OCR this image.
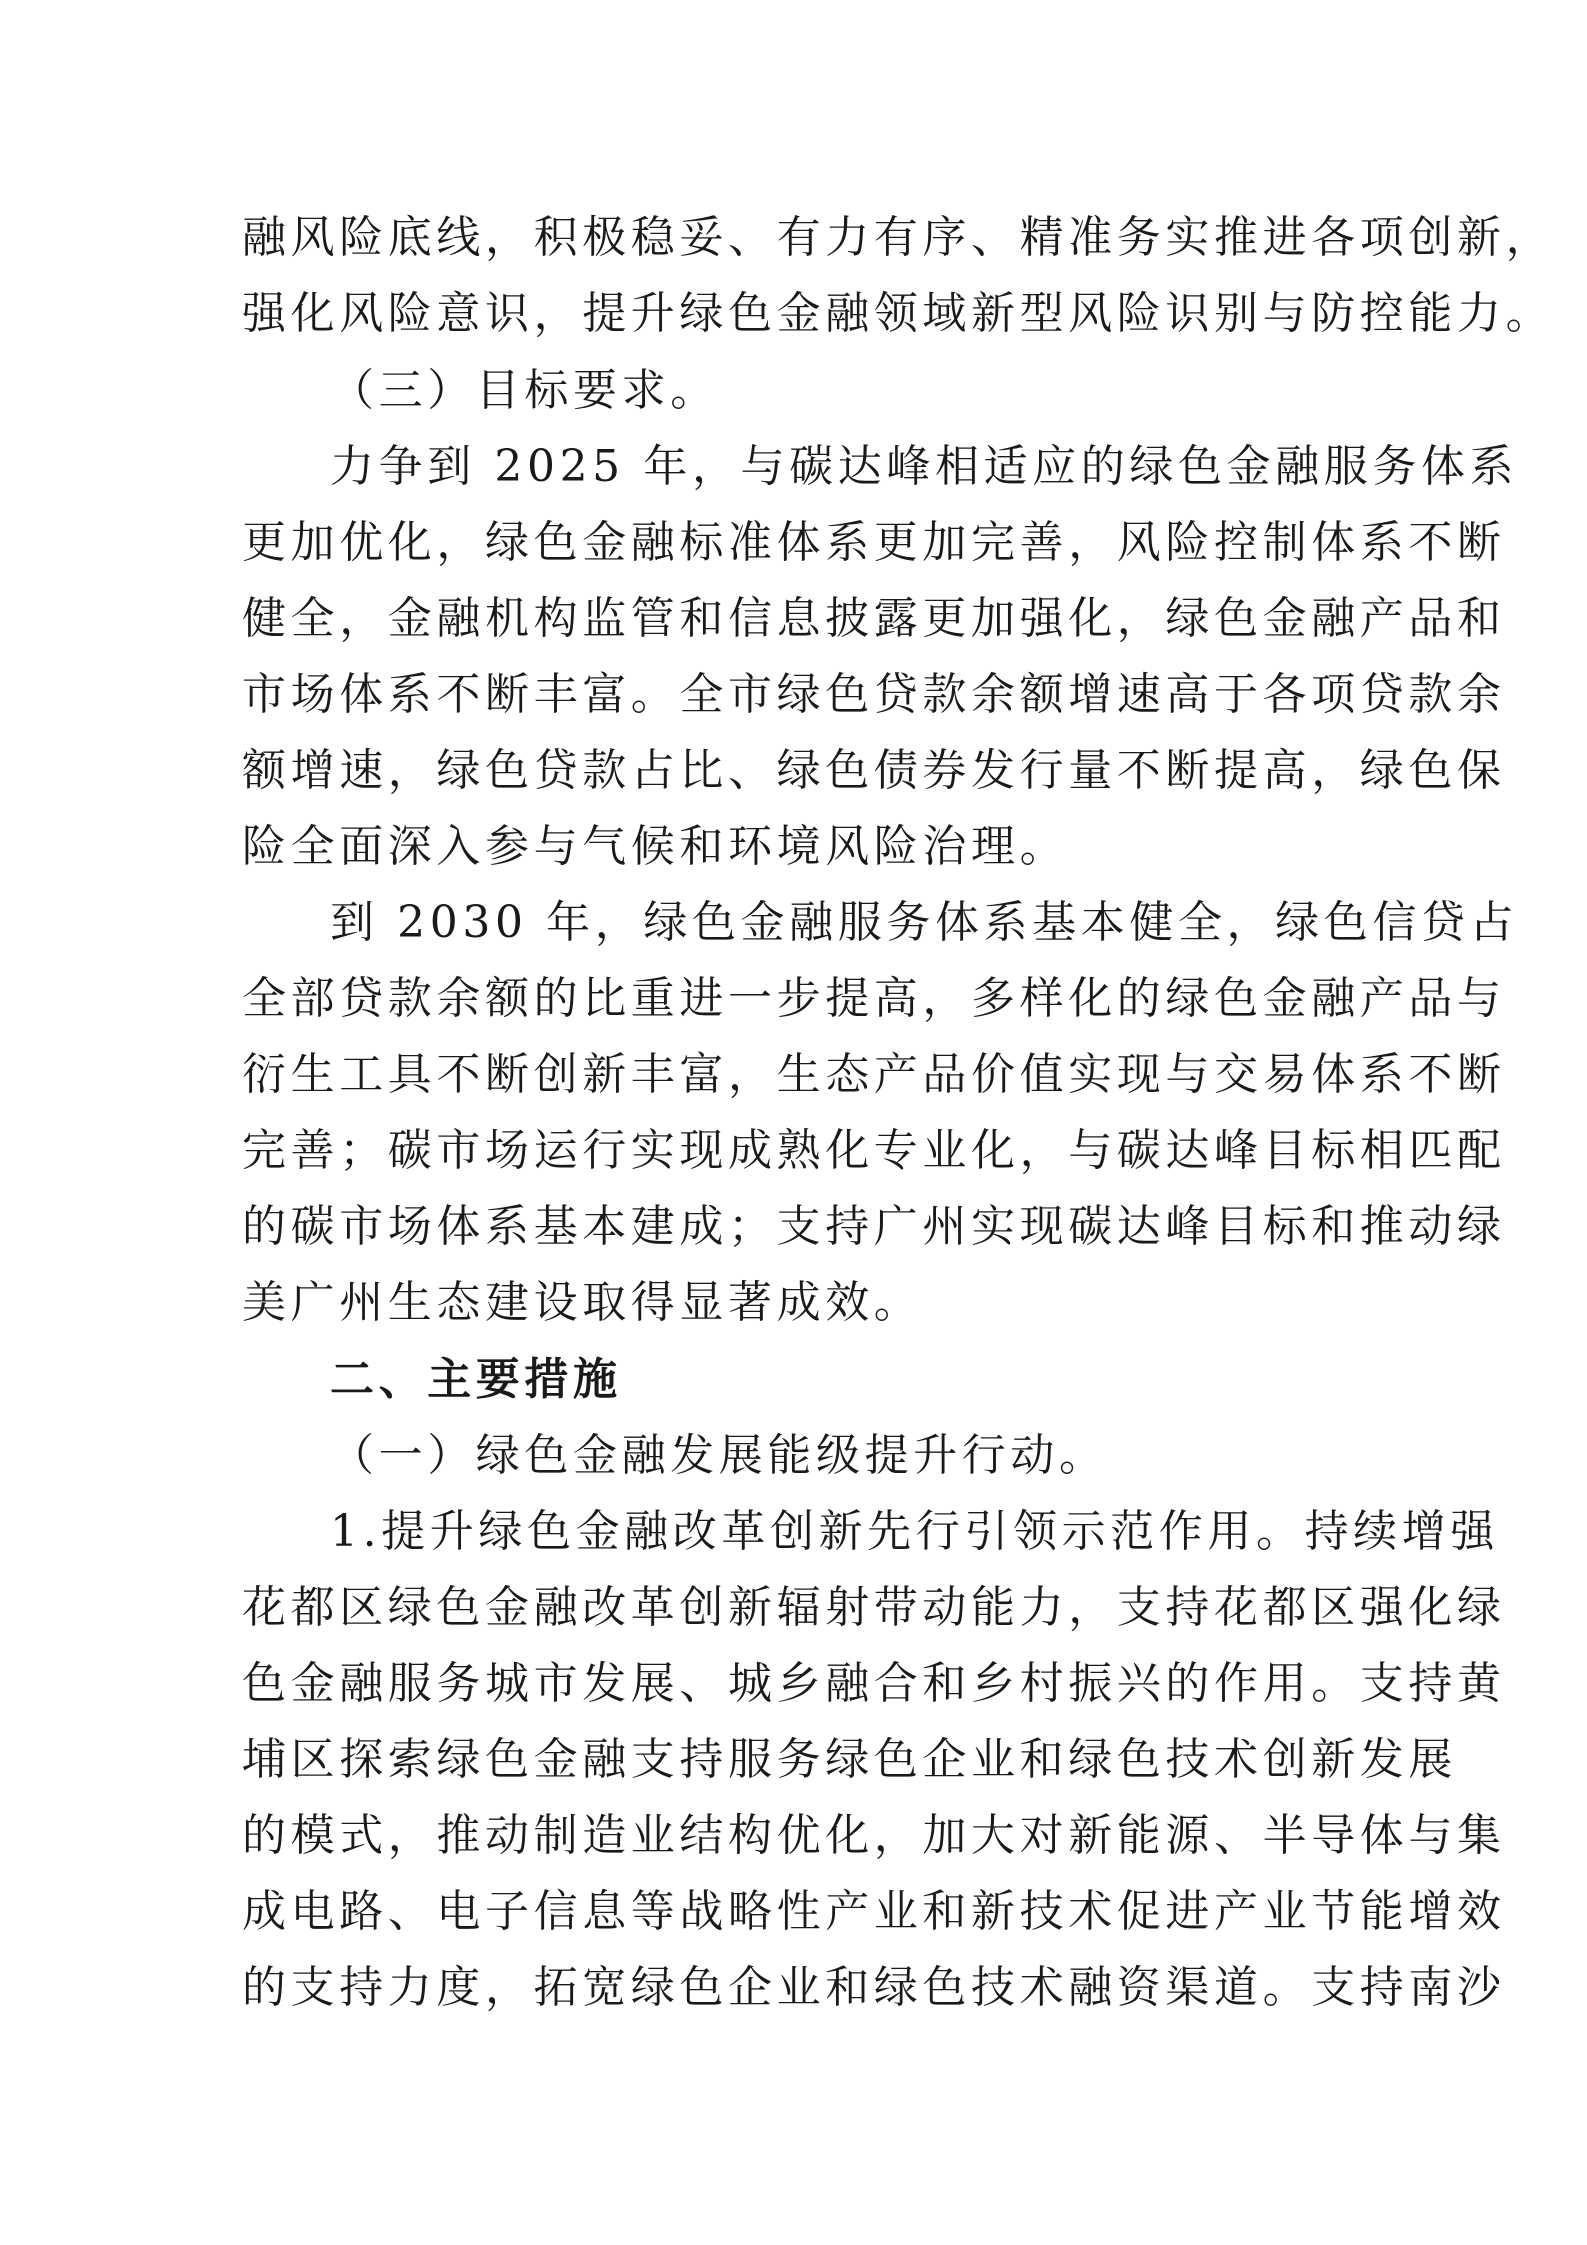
融风险底线，积极稳妥、有力有序、精准务实推进各项创新，
强化风险意识，提升绿色金融领域新型风险识别与防控能力。
（三）目标要求。
力争到 2025 年，与碳达峰相适应的绿色金融服务体系
更加优化，绿色金融标准体系更加完善，风险控制体系不断
健全，金融机构监管和信息披露更加强化，绿色金融产品和
市场体系不断丰富。全市绿色贷款余额增速高于各项贷款余
额增速，绿色贷款占比、绿色债券发行量不断提高，绿色保
险全面深入参与气候和环境风险治理。
到 2030 年，绿色金融服务体系基本健全，绿色信贷占
全部贷款余额的比重进一步提高，多样化的绿色金融产品与
衍生工具不断创新丰富，生态产品价值实现与交易体系不断
完善；碳市场运行实现成熟化专业化，与碳达峰目标相匹配
的碳市场体系基本建成；支持广州实现碳达峰目标和推动绿
美广州生态建设取得显著成效。
二、主要措施
（一）绿色金融发展能级提升行动。
1.提升绿色金融改革创新先行引领示范作用。持续增强
花都区绿色金融改革创新辐射带动能力，支持花都区强化绿
色金融服务城市发展、城乡融合和乡村振兴的作用。支持黄
埔区探索绿色金融支持服务绿色企业和绿色技术创新发展
的模式，推动制造业结构优化，加大对新能源、半导体与集
成电路、电子信息等战略性产业和新技术促进产业节能增效
的支持力度，拓宽绿色企业和绿色技术融资渠道。支持南沙
